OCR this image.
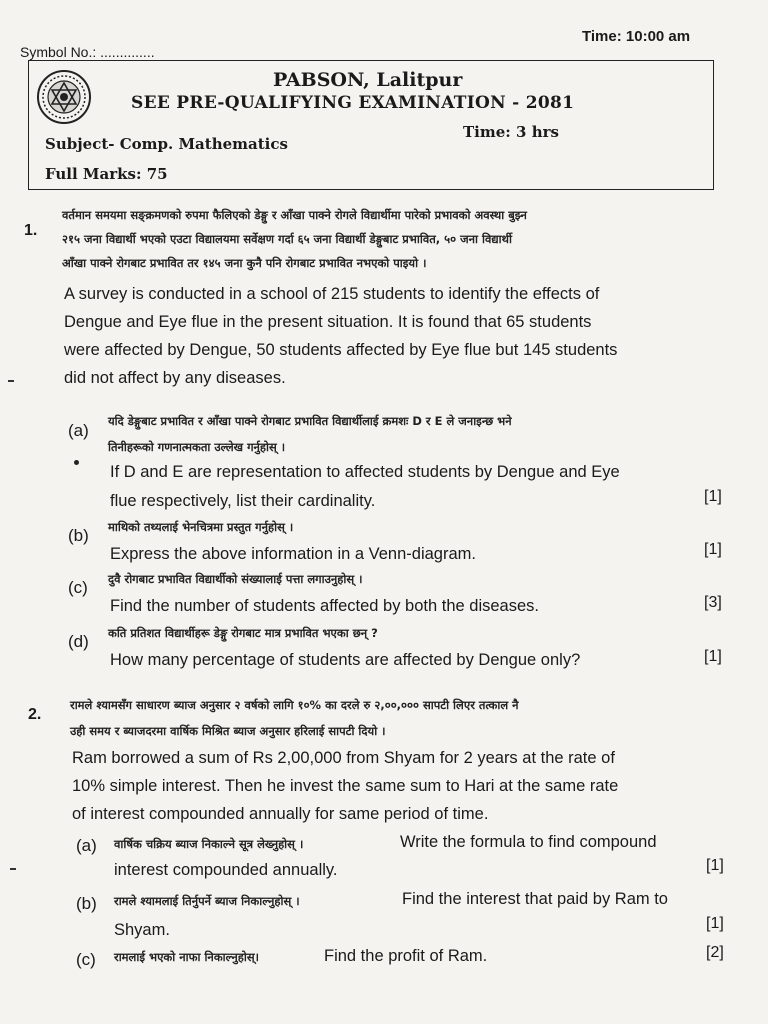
Time: 10:00 am
Symbol No.: ..............
PABSON, Lalitpur
SEE PRE-QUALIFYING EXAMINATION - 2081
Time: 3 hrs
Subject- Comp. Mathematics
Full Marks: 75
1.
वर्तमान समयमा सङ्क्रमणको रुपमा फैलिएको डेङ्गु र आँखा पाक्ने रोगले विद्यार्थीमा पारेको प्रभावको अवस्था बुझ्न
२१५ जना विद्यार्थी भएको एउटा विद्यालयमा सर्वेक्षण गर्दा ६५ जना विद्यार्थी डेङ्गुबाट प्रभावित, ५० जना विद्यार्थी
आँखा पाक्ने रोगबाट प्रभावित तर १४५ जना कुनै पनि रोगबाट प्रभावित नभएको पाइयो ।
A survey is conducted in a school of 215 students to identify the effects of
Dengue and Eye flue in the present situation. It is found that 65 students
were affected by Dengue, 50 students affected by Eye flue but 145 students
did not affect by any diseases.
(a) यदि डेङ्गुबाट प्रभावित र आँखा पाक्ने रोगबाट प्रभावित विद्यार्थीलाई क्रमशः D र E ले जनाइन्छ भने
तिनीहरूको गणनात्मकता उल्लेख गर्नुहोस् ।
If D and E are representation to affected students by Dengue and Eye
flue respectively, list their cardinality.	[1]
(b) माथिको तथ्यलाई भेनचित्रमा प्रस्तुत गर्नुहोस् ।
Express the above information in a Venn-diagram.	[1]
(c) दुवै रोगबाट प्रभावित विद्यार्थीको संख्यालाई पत्ता लगाउनुहोस् ।
Find the number of students affected by both the diseases.	[3]
(d) कति प्रतिशत विद्यार्थीहरू डेङ्गु रोगबाट मात्र प्रभावित भएका छन् ?
How many percentage of students are affected by Dengue only?	[1]
2.
रामले श्यामसँग साधारण ब्याज अनुसार २ वर्षको लागि १०% का दरले रु २,००,००० सापटी लिएर तत्काल नै
उही समय र ब्याजदरमा वार्षिक मिश्रित ब्याज अनुसार हरिलाई सापटी दियो ।
Ram borrowed a sum of Rs 2,00,000 from Shyam for 2 years at the rate of
10% simple interest. Then he invest the same sum to Hari at the same rate
of interest compounded annually for same period of time.
(a) वार्षिक चक्रिय ब्याज निकाल्ने सूत्र लेख्नुहोस् ।	Write the formula to find compound
interest compounded annually.	[1]
(b) रामले श्यामलाई तिर्नुपर्ने ब्याज निकाल्नुहोस् ।	Find the interest that paid by Ram to
Shyam.	[1]
(c) रामलाई भएको नाफा निकाल्नुहोस्।	Find the profit of Ram.	[2]
